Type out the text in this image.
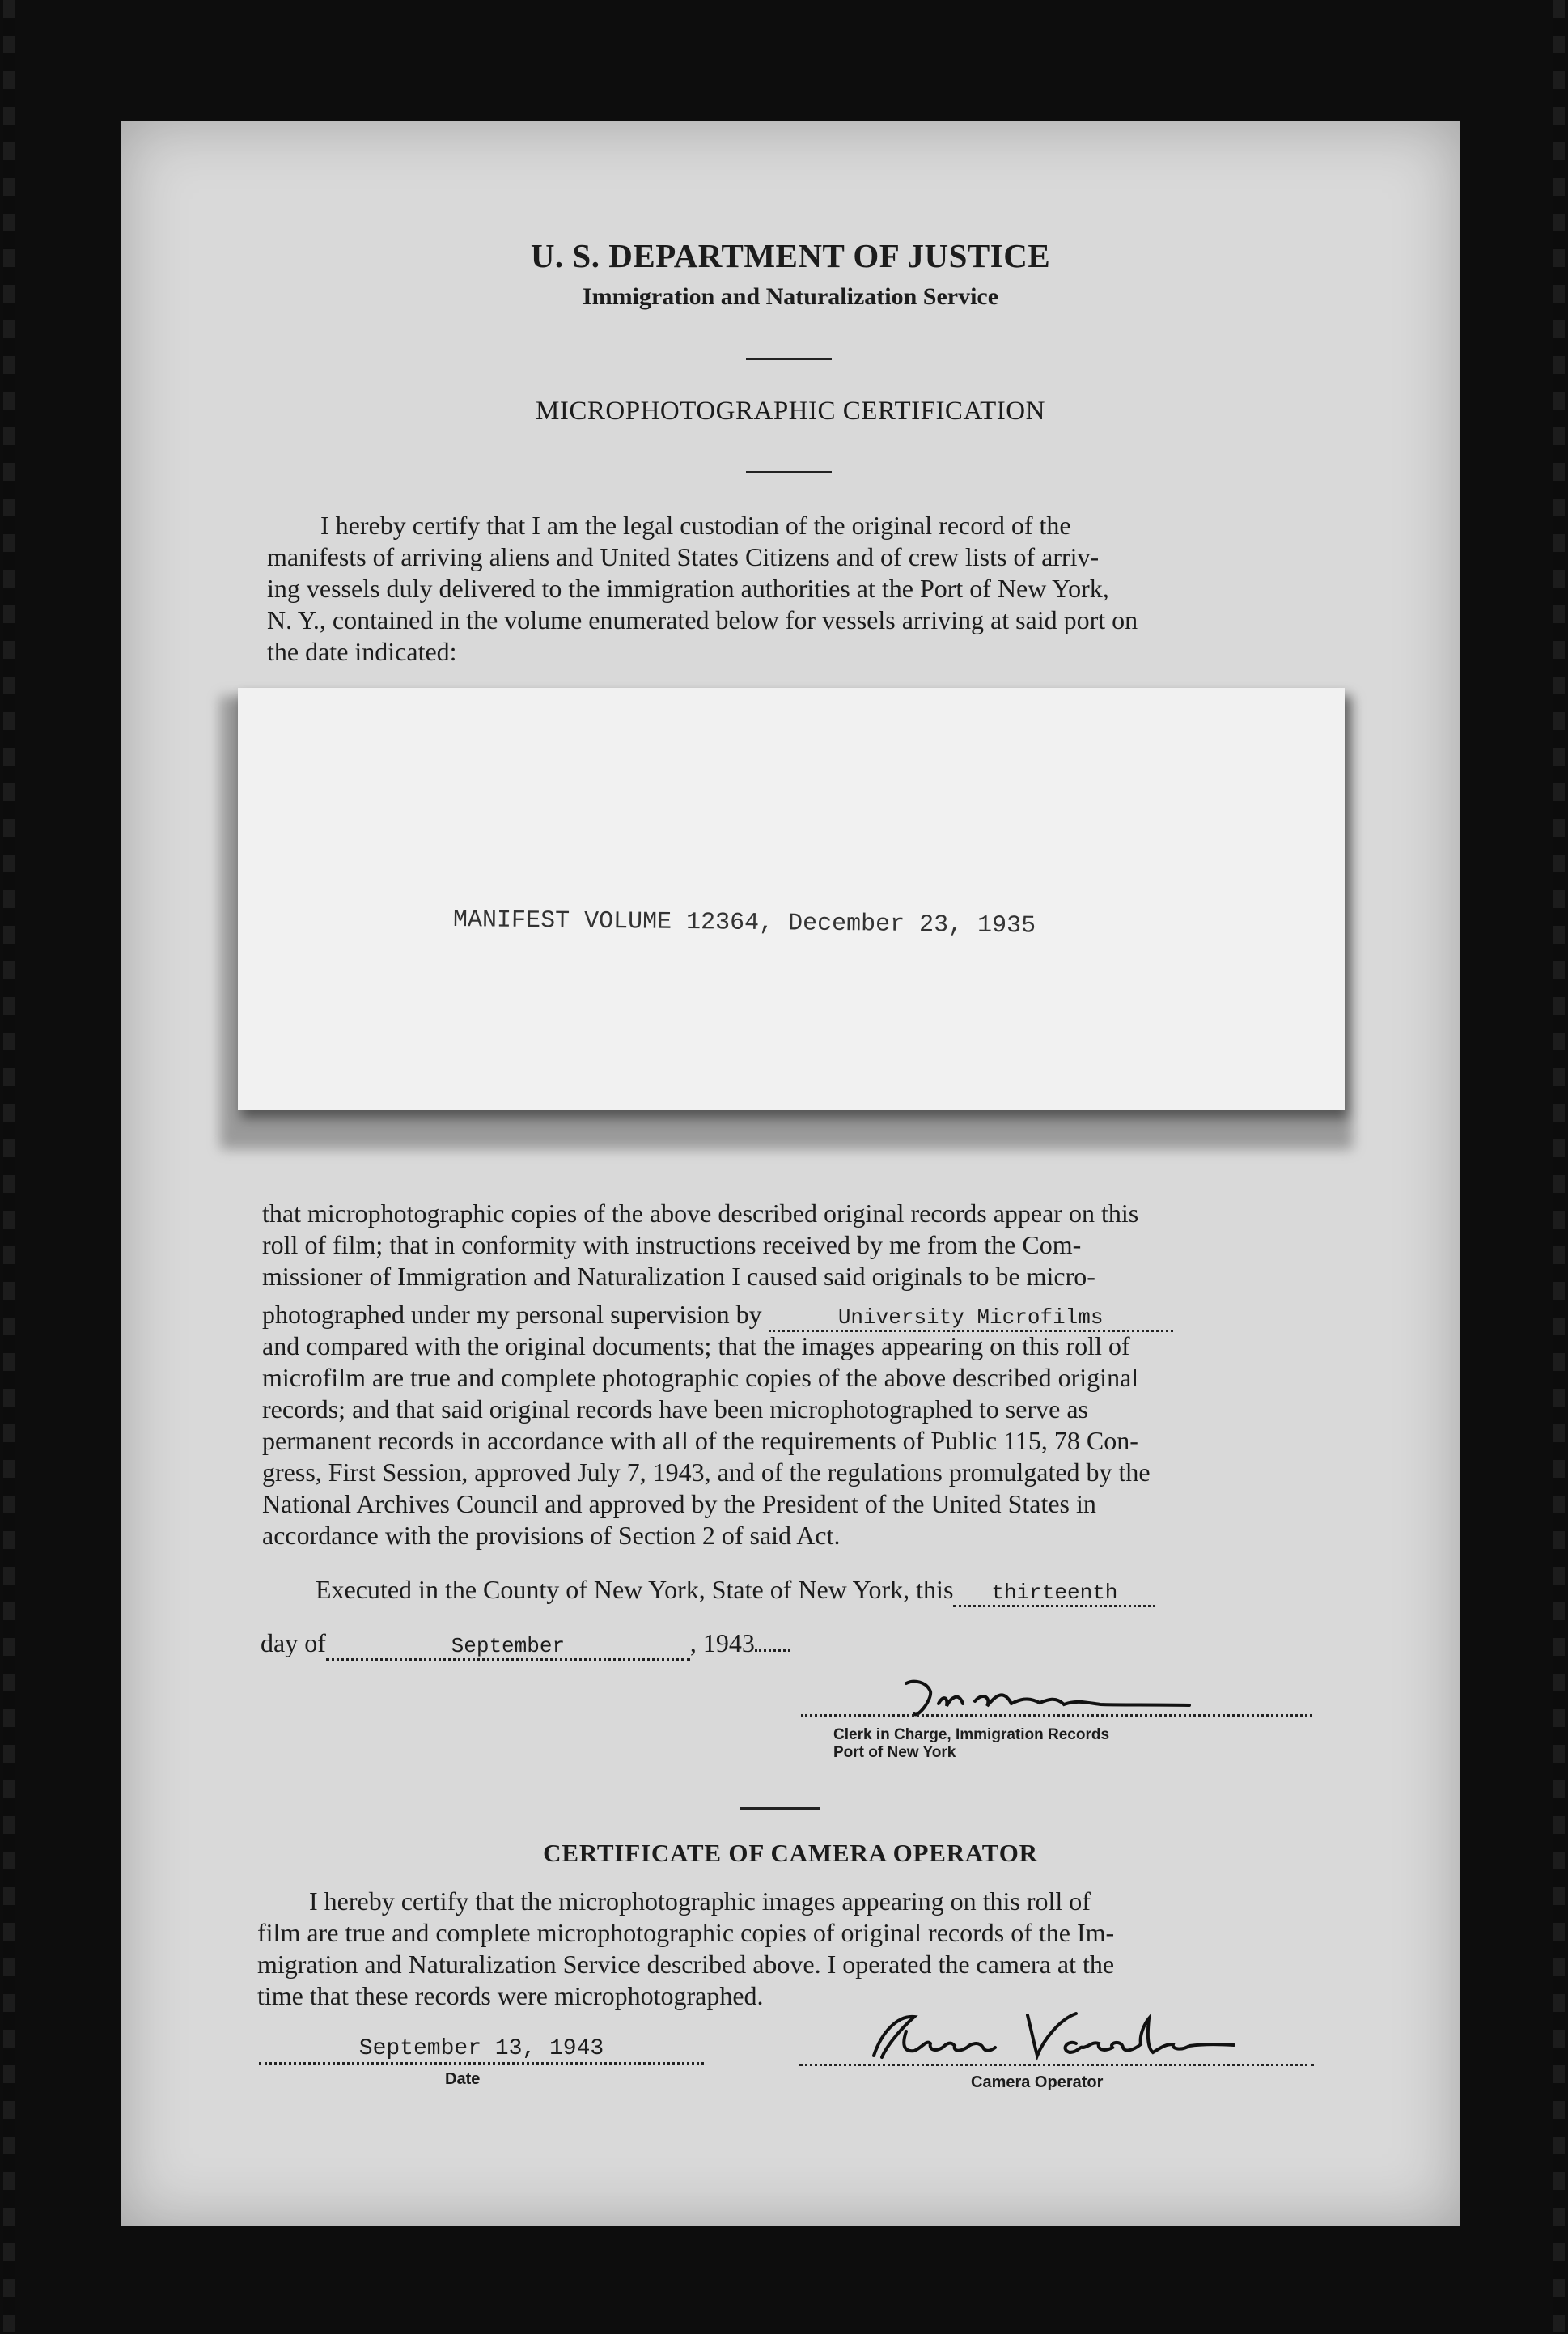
U. S. DEPARTMENT OF JUSTICE
Immigration and Naturalization Service
MICROPHOTOGRAPHIC CERTIFICATION
I hereby certify that I am the legal custodian of the original record of the
manifests of arriving aliens and United States Citizens and of crew lists of arriv-
ing vessels duly delivered to the immigration authorities at the Port of New York,
N. Y., contained in the volume enumerated below for vessels arriving at said port on
the date indicated:
MANIFEST VOLUME 12364, December 23, 1935
that microphotographic copies of the above described original records appear on this
roll of film; that in conformity with instructions received by me from the Com-
missioner of Immigration and Naturalization I caused said originals to be micro-
photographed under my personal supervision by	University Microfilms
and compared with the original documents; that the images appearing on this roll of
microfilm are true and complete photographic copies of the above described original
records; and that said original records have been microphotographed to serve as
permanent records in accordance with all of the requirements of Public 115, 78 Con-
gress, First Session, approved July 7, 1943, and of the regulations promulgated by the
National Archives Council and approved by the President of the United States in
accordance with the provisions of Section 2 of said Act.
Executed in the County of New York, State of New York, this thirteenth
day of	September	, 1943
Clerk in Charge, Immigration Records
Port of New York
CERTIFICATE OF CAMERA OPERATOR
I hereby certify that the microphotographic images appearing on this roll of
film are true and complete microphotographic copies of original records of the Im-
migration and Naturalization Service described above. I operated the camera at the
time that these records were microphotographed.
September 13, 1943
Date	Camera Operator
